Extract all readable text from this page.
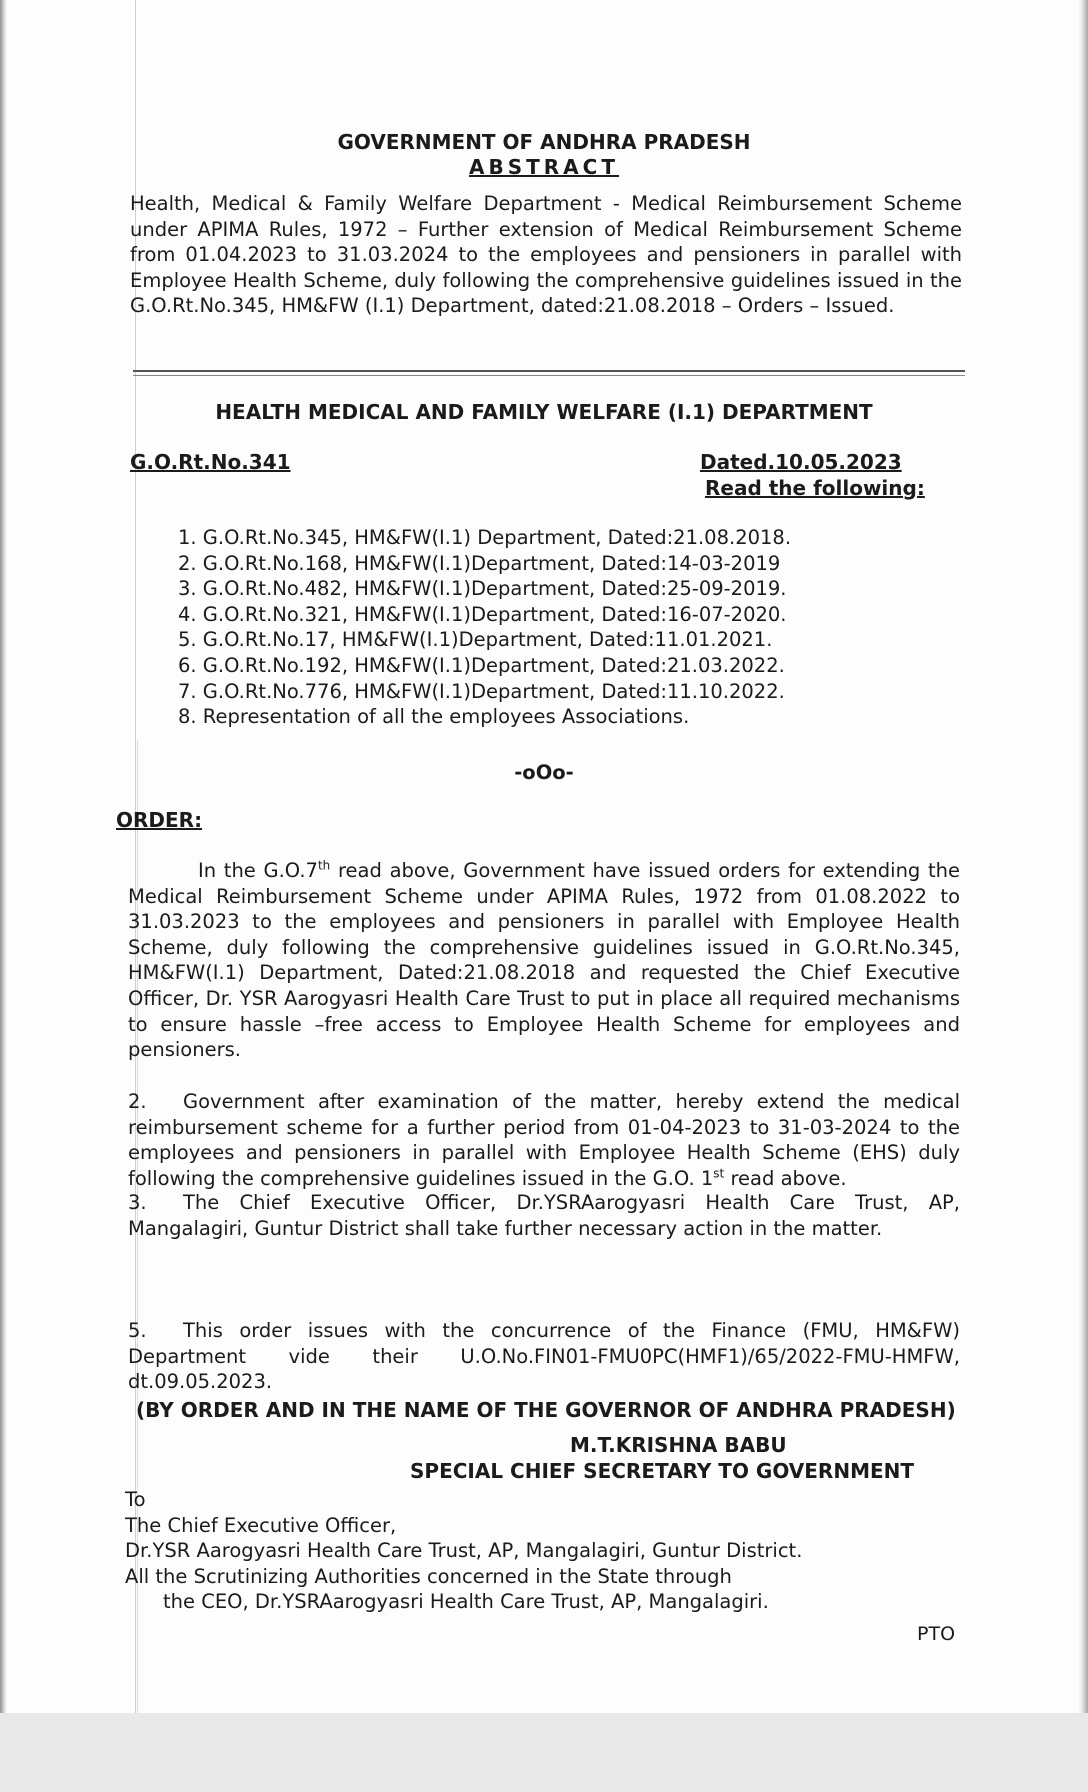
GOVERNMENT OF ANDHRA PRADESH
ABSTRACT
Health, Medical & Family Welfare Department - Medical Reimbursement Scheme under APIMA Rules, 1972 – Further extension of Medical Reimbursement Scheme from 01.04.2023 to 31.03.2024 to the employees and pensioners in parallel with Employee Health Scheme, duly following the comprehensive guidelines issued in the G.O.Rt.No.345, HM&FW (I.1) Department, dated:21.08.2018 – Orders – Issued.
HEALTH MEDICAL AND FAMILY WELFARE (I.1) DEPARTMENT
G.O.Rt.No.341	Dated.10.05.2023
Read the following:
1. G.O.Rt.No.345, HM&FW(I.1) Department, Dated:21.08.2018.
2. G.O.Rt.No.168, HM&FW(I.1)Department, Dated:14-03-2019
3. G.O.Rt.No.482, HM&FW(I.1)Department, Dated:25-09-2019.
4. G.O.Rt.No.321, HM&FW(I.1)Department, Dated:16-07-2020.
5. G.O.Rt.No.17, HM&FW(I.1)Department, Dated:11.01.2021.
6. G.O.Rt.No.192, HM&FW(I.1)Department, Dated:21.03.2022.
7. G.O.Rt.No.776, HM&FW(I.1)Department, Dated:11.10.2022.
8. Representation of all the employees Associations.
-oOo-
ORDER:
In the G.O.7th read above, Government have issued orders for extending the Medical Reimbursement Scheme under APIMA Rules, 1972 from 01.08.2022 to 31.03.2023 to the employees and pensioners in parallel with Employee Health Scheme, duly following the comprehensive guidelines issued in G.O.Rt.No.345, HM&FW(I.1) Department, Dated:21.08.2018 and requested the Chief Executive Officer, Dr. YSR Aarogyasri Health Care Trust to put in place all required mechanisms to ensure hassle –free access to Employee Health Scheme for employees and pensioners.
2. Government after examination of the matter, hereby extend the medical reimbursement scheme for a further period from 01-04-2023 to 31-03-2024 to the employees and pensioners in parallel with Employee Health Scheme (EHS) duly following the comprehensive guidelines issued in the G.O. 1st read above.
3. The Chief Executive Officer, Dr.YSRAarogyasri Health Care Trust, AP, Mangalagiri, Guntur District shall take further necessary action in the matter.
5. This order issues with the concurrence of the Finance (FMU, HM&FW) Department vide their U.O.No.FIN01-FMU0PC(HMF1)/65/2022-FMU-HMFW, dt.09.05.2023.
(BY ORDER AND IN THE NAME OF THE GOVERNOR OF ANDHRA PRADESH)
M.T.KRISHNA BABU
SPECIAL CHIEF SECRETARY TO GOVERNMENT
To
The Chief Executive Officer,
Dr.YSR Aarogyasri Health Care Trust, AP, Mangalagiri, Guntur District.
All the Scrutinizing Authorities concerned in the State through
the CEO, Dr.YSRAarogyasri Health Care Trust, AP, Mangalagiri.
PTO
